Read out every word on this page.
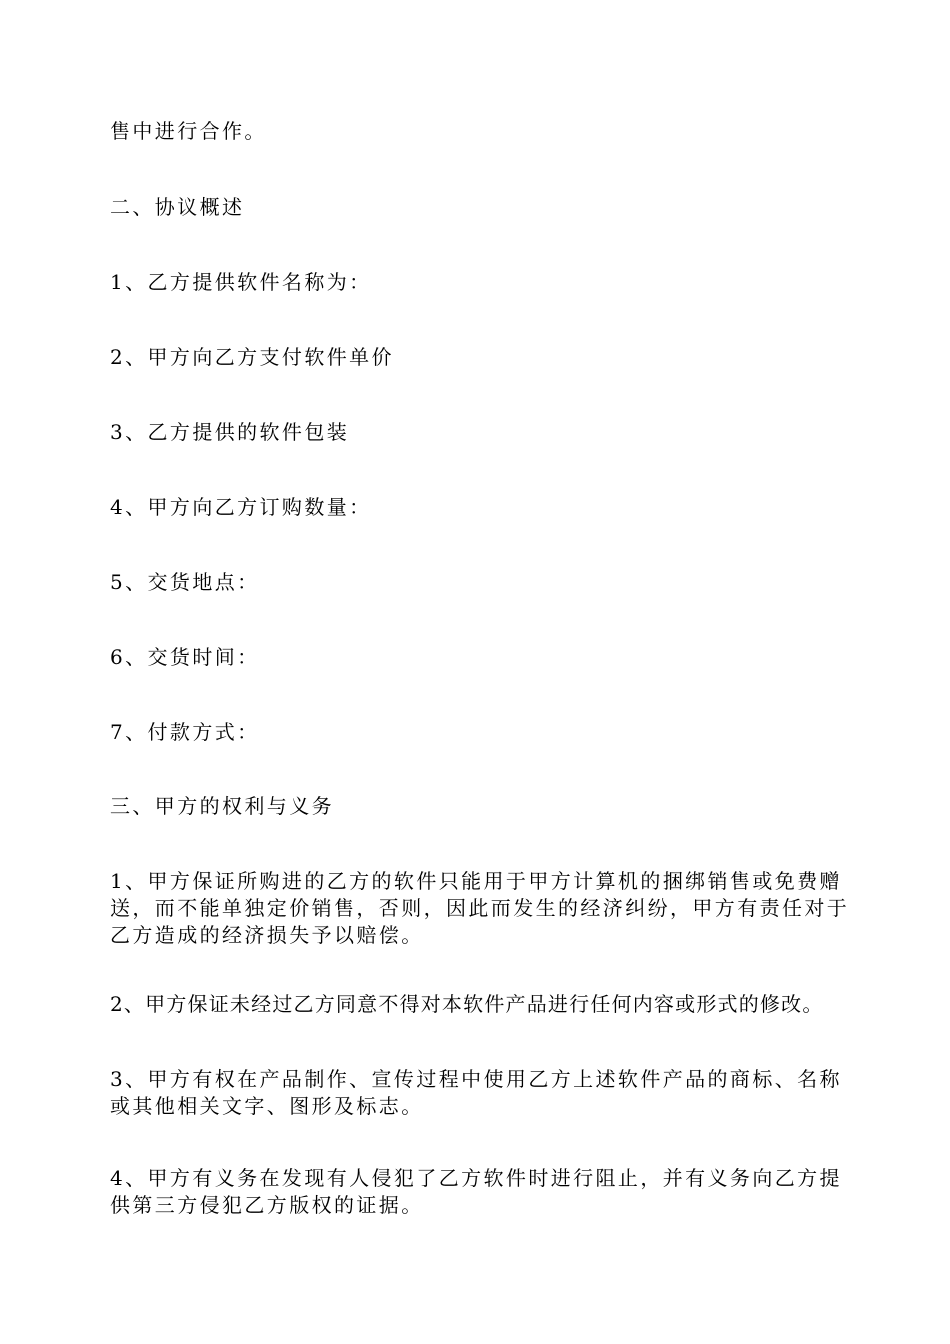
售中进行合作。

二、协议概述

1、乙方提供软件名称为：

2、甲方向乙方支付软件单价

3、乙方提供的软件包装

4、甲方向乙方订购数量：

5、交货地点：

6、交货时间：

7、付款方式：

三、甲方的权利与义务

1、甲方保证所购进的乙方的软件只能用于甲方计算机的捆绑销售或免费赠送，而不能单独定价销售，否则，因此而发生的经济纠纷，甲方有责任对于乙方造成的经济损失予以赔偿。

2、甲方保证未经过乙方同意不得对本软件产品进行任何内容或形式的修改。

3、甲方有权在产品制作、宣传过程中使用乙方上述软件产品的商标、名称或其他相关文字、图形及标志。

4、甲方有义务在发现有人侵犯了乙方软件时进行阻止，并有义务向乙方提供第三方侵犯乙方版权的证据。
